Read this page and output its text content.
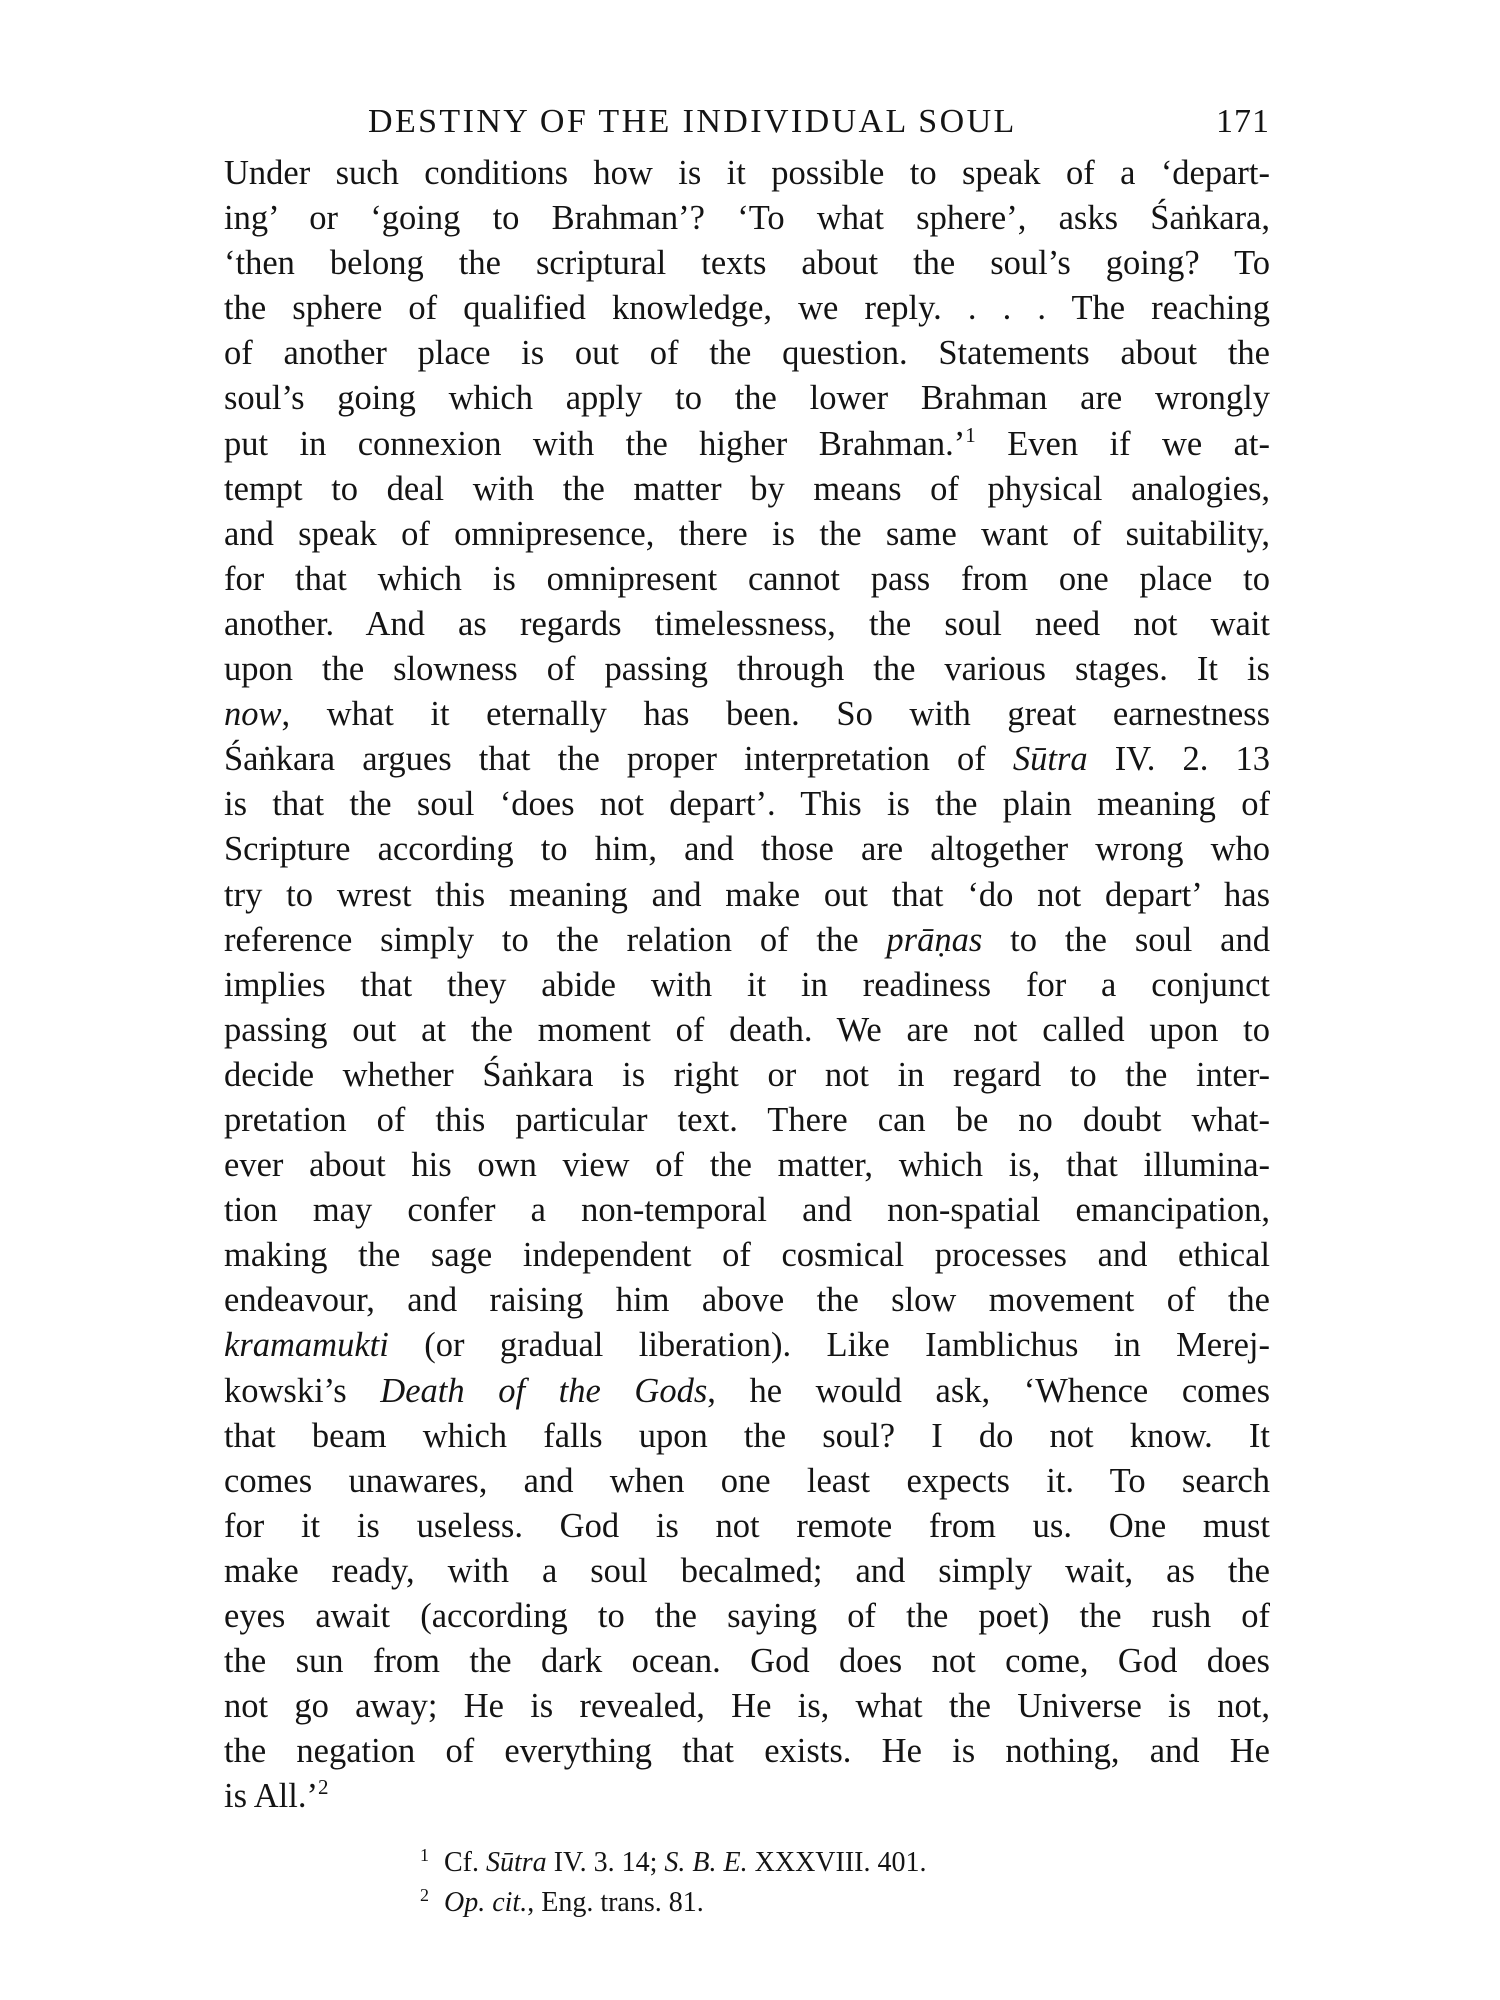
DESTINY OF THE INDIVIDUAL SOUL	171
Under such conditions how is it possible to speak of a ‘depart-
ing’ or ‘going to Brahman’? ‘To what sphere’, asks Śaṅkara,
‘then belong the scriptural texts about the soul’s going? To
the sphere of qualified knowledge, we reply. . . . The reaching
of another place is out of the question. Statements about the
soul’s going which apply to the lower Brahman are wrongly
put in connexion with the higher Brahman.’$^1$ Even if we at-
tempt to deal with the matter by means of physical analogies,
and speak of omnipresence, there is the same want of suitability,
for that which is omnipresent cannot pass from one place to
another. And as regards timelessness, the soul need not wait
upon the slowness of passing through the various stages. It is
now, what it eternally has been. So with great earnestness
Śaṅkara argues that the proper interpretation of Sūtra IV. 2. 13
is that the soul ‘does not depart’. This is the plain meaning of
Scripture according to him, and those are altogether wrong who
try to wrest this meaning and make out that ‘do not depart’ has
reference simply to the relation of the prāṇas to the soul and
implies that they abide with it in readiness for a conjunct
passing out at the moment of death. We are not called upon to
decide whether Śaṅkara is right or not in regard to the inter-
pretation of this particular text. There can be no doubt what-
ever about his own view of the matter, which is, that illumina-
tion may confer a non-temporal and non-spatial emancipation,
making the sage independent of cosmical processes and ethical
endeavour, and raising him above the slow movement of the
kramamukti (or gradual liberation). Like Iamblichus in Merej-
kowski’s Death of the Gods, he would ask, ‘Whence comes
that beam which falls upon the soul? I do not know. It
comes unawares, and when one least expects it. To search
for it is useless. God is not remote from us. One must
make ready, with a soul becalmed; and simply wait, as the
eyes await (according to the saying of the poet) the rush of
the sun from the dark ocean. God does not come, God does
not go away; He is revealed, He is, what the Universe is not,
the negation of everything that exists. He is nothing, and He
is All.’$^2$
1 Cf. Sūtra IV. 3. 14; S. B. E. XXXVIII. 401.
2 Op. cit., Eng. trans. 81.
